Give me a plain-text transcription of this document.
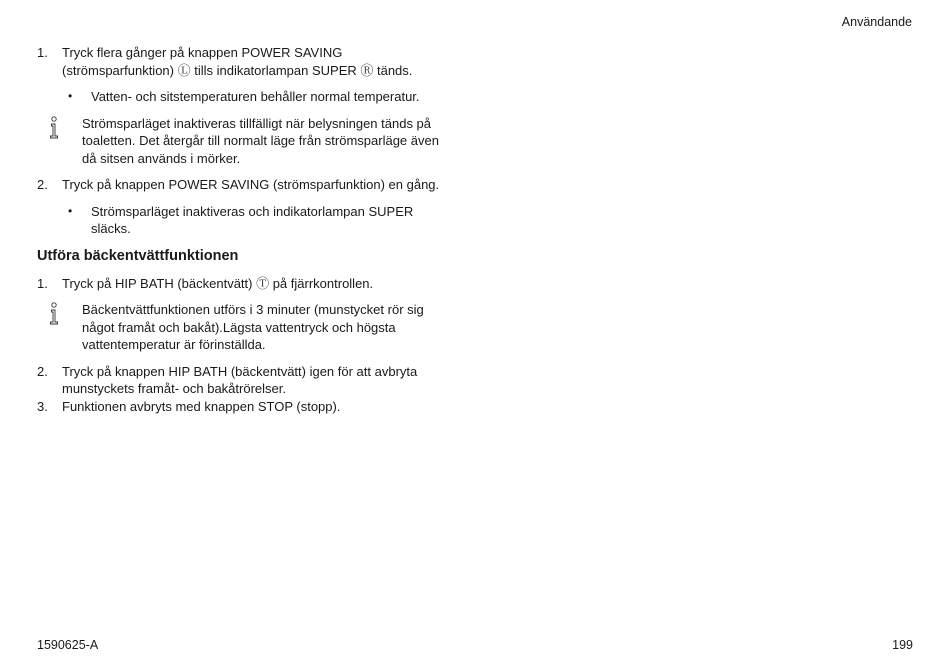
Användande
1. Tryck flera gånger på knappen POWER SAVING (strömsparfunktion) Ⓛ tills indikatorlampan SUPER Ⓡ tänds.
• Vatten- och sitstemperaturen behåller normal temperatur.
Strömsparläget inaktiveras tillfälligt när belysningen tänds på toaletten. Det återgår till normalt läge från strömsparläge även då sitsen används i mörker.
2. Tryck på knappen POWER SAVING (strömsparfunktion) en gång.
• Strömsparläget inaktiveras och indikatorlampan SUPER släcks.
Utföra bäckentvättfunktionen
1. Tryck på HIP BATH (bäckentvätt) Ⓣ på fjärrkontrollen.
Bäckentvättfunktionen utförs i 3 minuter (munstycket rör sig något framåt och bakåt).Lägsta vattentryck och högsta vattentemperatur är förinställda.
2. Tryck på knappen HIP BATH (bäckentvätt) igen för att avbryta munstyckets framåt- och bakåtrörelser.
3. Funktionen avbryts med knappen STOP (stopp).
1590625-A	199
